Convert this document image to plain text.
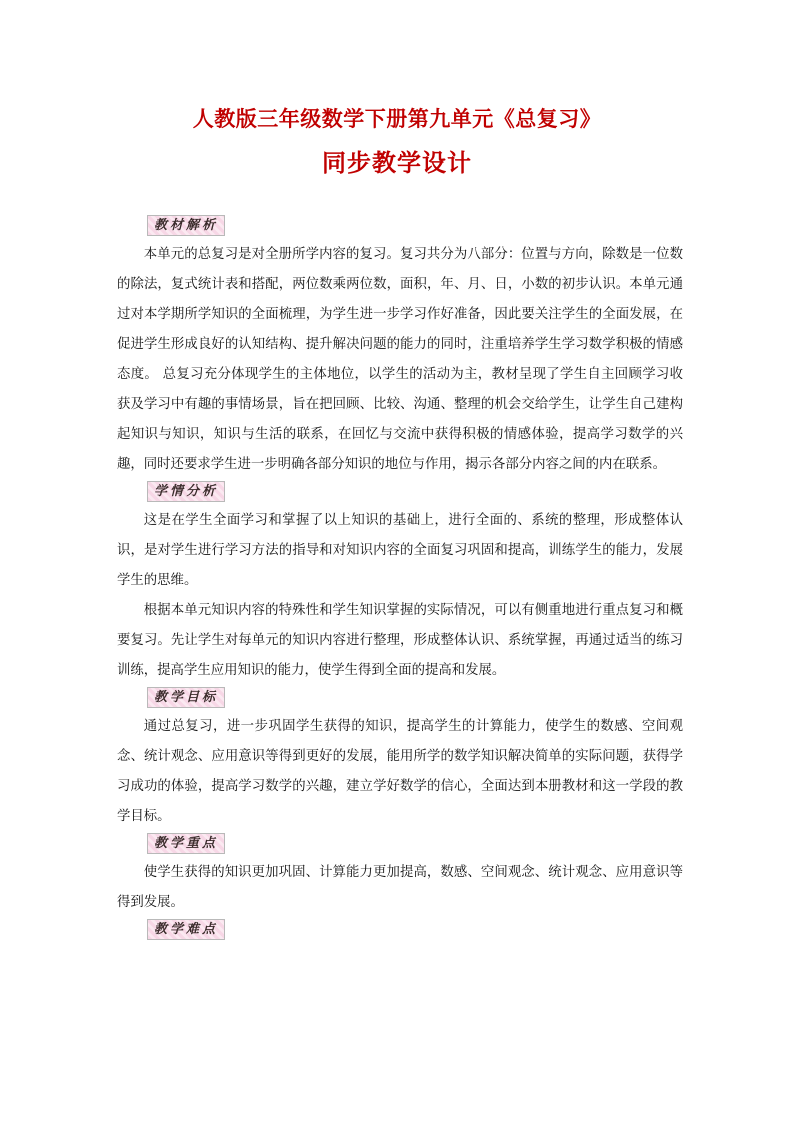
人教版三年级数学下册第九单元《总复习》
同步教学设计
教材解析

本单元的总复习是对全册所学内容的复习。复习共分为八部分：位置与方向，除数是一位数的除法，复式统计表和搭配，两位数乘两位数，面积，年、月、日，小数的初步认识。本单元通过对本学期所学知识的全面梳理，为学生进一步学习作好准备，因此要关注学生的全面发展，在促进学生形成良好的认知结构、提升解决问题的能力的同时，注重培养学生学习数学积极的情感态度。 总复习充分体现学生的主体地位，以学生的活动为主，教材呈现了学生自主回顾学习收获及学习中有趣的事情场景，旨在把回顾、比较、沟通、整理的机会交给学生，让学生自己建构起知识与知识，知识与生活的联系，在回忆与交流中获得积极的情感体验，提高学习数学的兴趣，同时还要求学生进一步明确各部分知识的地位与作用，揭示各部分内容之间的内在联系。

学情分析

这是在学生全面学习和掌握了以上知识的基础上，进行全面的、系统的整理，形成整体认识，是对学生进行学习方法的指导和对知识内容的全面复习巩固和提高，训练学生的能力，发展学生的思维。

根据本单元知识内容的特殊性和学生知识掌握的实际情况，可以有侧重地进行重点复习和概要复习。先让学生对每单元的知识内容进行整理，形成整体认识、系统掌握，再通过适当的练习训练，提高学生应用知识的能力，使学生得到全面的提高和发展。

教学目标

通过总复习，进一步巩固学生获得的知识，提高学生的计算能力，使学生的数感、空间观念、统计观念、应用意识等得到更好的发展，能用所学的数学知识解决简单的实际问题，获得学习成功的体验，提高学习数学的兴趣，建立学好数学的信心，全面达到本册教材和这一学段的教学目标。

教学重点

使学生获得的知识更加巩固、计算能力更加提高，数感、空间观念、统计观念、应用意识等得到发展。

教学难点
